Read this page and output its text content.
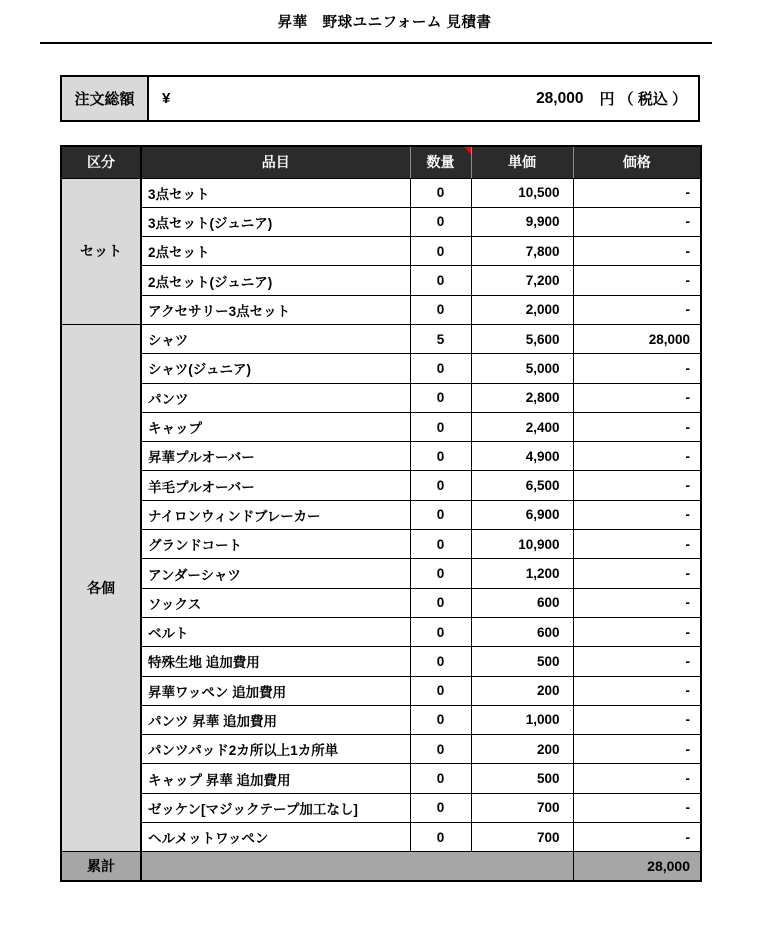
昇華　野球ユニフォーム 見積書
注文総額	¥	28,000 円 （ 税込 ）
区分	品目	数量	単価	価格
セット	3点セット	0	10,500	-
	3点セット(ジュニア)	0	9,900	-
	2点セット	0	7,800	-
	2点セット(ジュニア)	0	7,200	-
	アクセサリー3点セット	0	2,000	-
各個	シャツ	5	5,600	28,000
	シャツ(ジュニア)	0	5,000	-
	パンツ	0	2,800	-
	キャップ	0	2,400	-
	昇華プルオーバー	0	4,900	-
	羊毛プルオーバー	0	6,500	-
	ナイロンウィンドブレーカー	0	6,900	-
	グランドコート	0	10,900	-
	アンダーシャツ	0	1,200	-
	ソックス	0	600	-
	ベルト	0	600	-
	特殊生地 追加費用	0	500	-
	昇華ワッペン 追加費用	0	200	-
	パンツ 昇華 追加費用	0	1,000	-
	パンツパッド2カ所以上1カ所単	0	200	-
	キャップ 昇華 追加費用	0	500	-
	ゼッケン[マジックテープ加工なし]	0	700	-
	ヘルメットワッペン	0	700	-
累計				28,000
